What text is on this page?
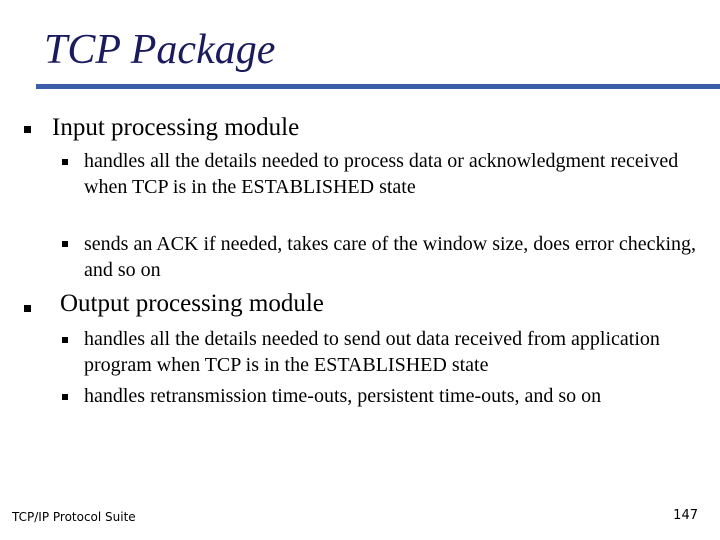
TCP Package
Input processing module
handles all the details needed to process data or acknowledgment received when TCP is in the ESTABLISHED state
sends an ACK if needed, takes care of the window size, does error checking, and so on
Output processing module
handles all the details needed to send out data received from application program when TCP is in the ESTABLISHED state
handles retransmission time-outs, persistent time-outs, and so on
TCP/IP Protocol Suite	147
